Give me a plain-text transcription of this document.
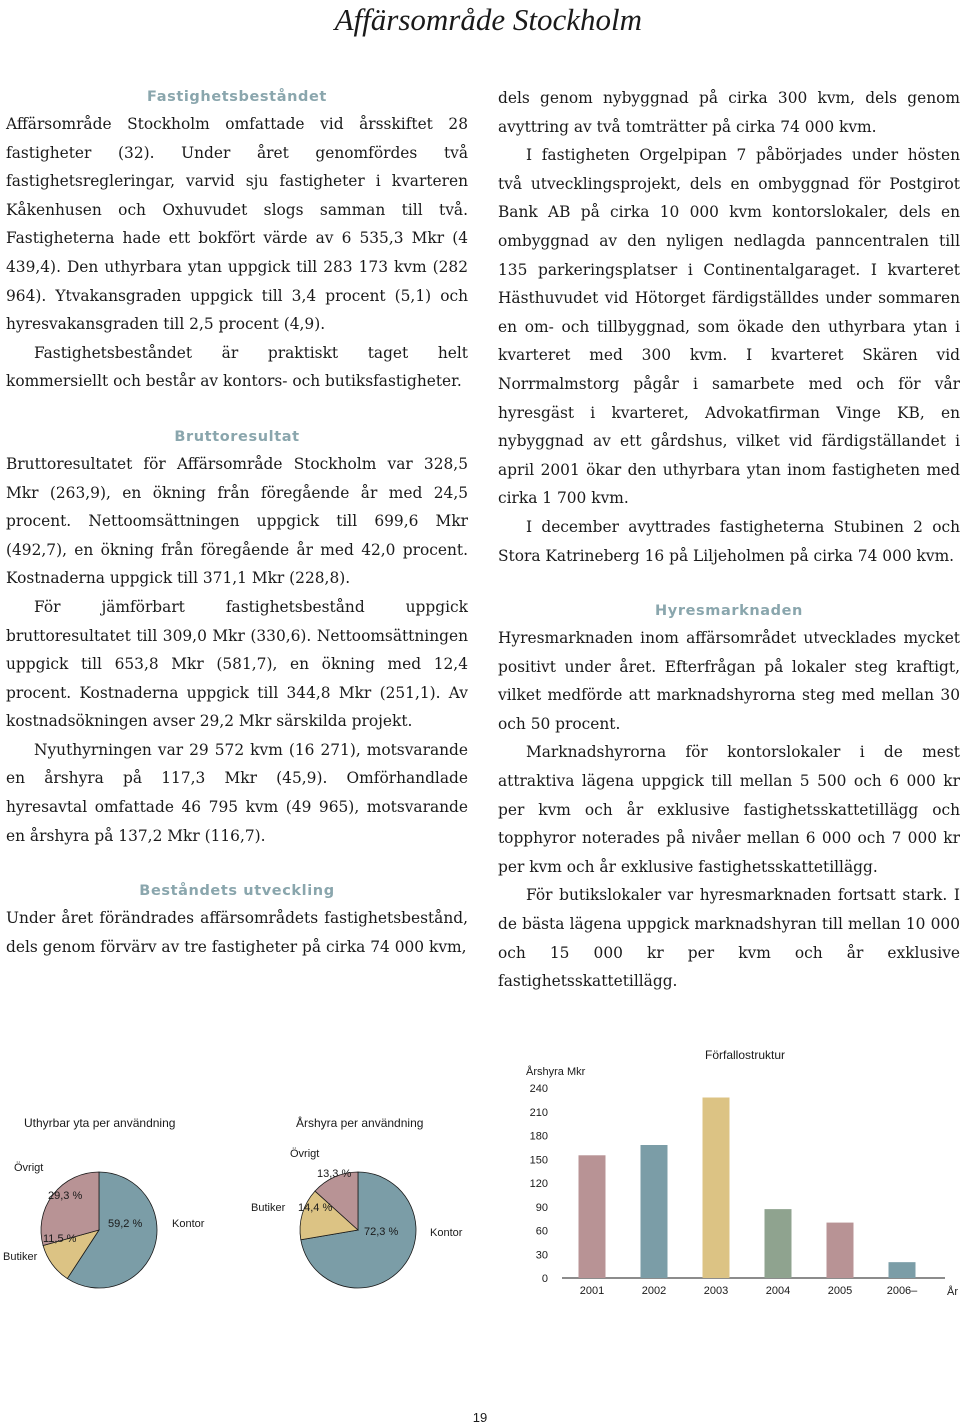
Affärsområde Stockholm
Fastighetsbeståndet

Affärsområde Stockholm omfattade vid årsskiftet 28 fastigheter (32). Under året genomfördes två fastighetsregleringar, varvid sju fastigheter i kvarteren Kåkenhusen och Oxhuvudet slogs samman till två. Fastigheterna hade ett bokfört värde av 6 535,3 Mkr (4 439,4). Den uthyrbara ytan uppgick till 283 173 kvm (282 964). Ytvakansgraden uppgick till 3,4 procent (5,1) och hyresvakansgraden till 2,5 procent (4,9).

Fastighetsbeståndet är praktiskt taget helt kommersiellt och består av kontors- och butiksfastigheter.

Bruttoresultat

Bruttoresultatet för Affärsområde Stockholm var 328,5 Mkr (263,9), en ökning från föregående år med 24,5 procent. Nettoomsättningen uppgick till 699,6 Mkr (492,7), en ökning från föregående år med 42,0 procent. Kostnaderna uppgick till 371,1 Mkr (228,8).

För jämförbart fastighetsbestånd uppgick bruttoresultatet till 309,0 Mkr (330,6). Nettoomsättningen uppgick till 653,8 Mkr (581,7), en ökning med 12,4 procent. Kostnaderna uppgick till 344,8 Mkr (251,1). Av kostnadsökningen avser 29,2 Mkr särskilda projekt.

Nyuthyrningen var 29 572 kvm (16 271), motsvarande en årshyra på 117,3 Mkr (45,9). Omförhandlade hyresavtal omfattade 46 795 kvm (49 965), motsvarande en årshyra på 137,2 Mkr (116,7).

Beståndets utveckling

Under året förändrades affärsområdets fastighetsbestånd, dels genom förvärv av tre fastigheter på cirka 74 000 kvm,

dels genom nybyggnad på cirka 300 kvm, dels genom avyttring av två tomträtter på cirka 74 000 kvm.

I fastigheten Orgelpipan 7 påbörjades under hösten två utvecklingsprojekt, dels en ombyggnad för Postgirot Bank AB på cirka 10 000 kvm kontorslokaler, dels en ombyggnad av den nyligen nedlagda panncentralen till 135 parkeringsplatser i Continentalgaraget. I kvarteret Hästhuvudet vid Hötorget färdigställdes under sommaren en om- och tillbyggnad, som ökade den uthyrbara ytan i kvarteret med 300 kvm. I kvarteret Skären vid Norrmalmstorg pågår i samarbete med och för vår hyresgäst i kvarteret, Advokatfirman Vinge KB, en nybyggnad av ett gårdshus, vilket vid färdigställandet i april 2001 ökar den uthyrbara ytan inom fastigheten med cirka 1 700 kvm.

I december avyttrades fastigheterna Stubinen 2 och Stora Katrineberg 16 på Liljeholmen på cirka 74 000 kvm.

Hyresmarknaden

Hyresmarknaden inom affärsområdet utvecklades mycket positivt under året. Efterfrågan på lokaler steg kraftigt, vilket medförde att marknadshyrorna steg med mellan 30 och 50 procent.

Marknadshyrorna för kontorslokaler i de mest attraktiva lägena uppgick till mellan 5 500 och 6 000 kr per kvm och år exklusive fastighetsskattetillägg och topphyror noterades på nivåer mellan 6 000 och 7 000 kr per kvm och år exklusive fastighetsskattetillägg.

För butikslokaler var hyresmarknaden fortsatt stark. I de bästa lägena uppgick marknadshyran till mellan 10 000 och 15 000 kr per kvm och år exklusive fastighetsskattetillägg.

Uthyrbar yta per användning
Övrigt
Butiker
Kontor
29,3 %
11,5 %
59,2 %
Årshyra per användning
Övrigt
Butiker
Kontor
13,3 %
14,4 %
72,3 %
Förfallostruktur
Årshyra Mkr
År
0
30
60
90
120
150
180
210
240
2001	2002	2003	2004	2005	2006–
19
